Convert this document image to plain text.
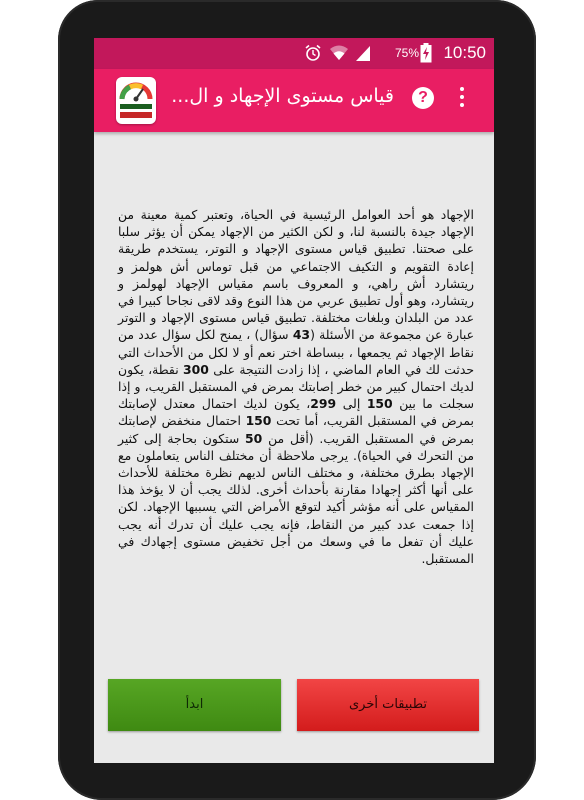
75% 10:50
قياس مستوى الإجهاد و ال...	?
الإجهاد هو أحد العوامل الرئيسية في الحياة، وتعتبر كمية معينة من الإجهاد جيدة بالنسبة لنا، و لكن الكثير من الإجهاد يمكن أن يؤثر سلبا على صحتنا. تطبيق قياس مستوى الإجهاد و التوتر، يستخدم طريقة إعادة التقويم و التكيف الاجتماعي من قبل توماس أش هولمز و ريتشارد أش راهي، و المعروف باسم مقياس الإجهاد لهولمز و ريتشارد، وهو أول تطبيق عربي من هذا النوع وقد لاقى نجاحا كبيرا في عدد من البلدان وبلغات مختلفة. تطبيق قياس مستوى الإجهاد و التوتر عبارة عن مجموعة من الأسئلة (43 سؤال) ، يمنح لكل سؤال عدد من نقاط الإجهاد ثم يجمعها ، ببساطة اختر نعم أو لا لكل من الأحداث التي حدثت لك في العام الماضي ، إذا زادت النتيجة على 300 نقطة، يكون لديك احتمال كبير من خطر إصابتك بمرض في المستقبل القريب، و إذا سجلت ما بين 150 إلى 299، يكون لديك احتمال معتدل لإصابتك بمرض في المستقبل القريب، أما تحت 150 احتمال منخفض لإصابتك بمرض في المستقبل القريب. (أقل من 50 ستكون بحاجة إلى كثير من التحرك في الحياة). يرجى ملاحظة أن مختلف الناس يتعاملون مع الإجهاد بطرق مختلفة، و مختلف الناس لديهم نظرة مختلفة للأحداث على أنها أكثر إجهادا مقارنة بأحداث أخرى. لذلك يجب أن لا يؤخذ هذا المقياس على أنه مؤشر أكيد لتوقع الأمراض التي يسببها الإجهاد. لكن إذا جمعت عدد كبير من النقاط، فإنه يجب عليك أن تدرك أنه يجب عليك أن تفعل ما في وسعك من أجل تخفيض مستوى إجهادك في المستقبل.
ابدأ	تطبيقات أخرى
